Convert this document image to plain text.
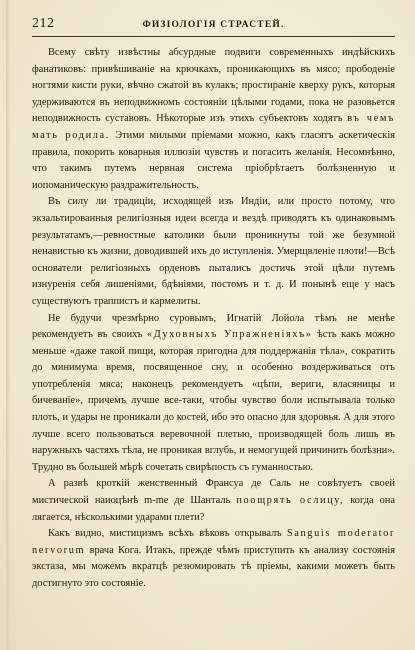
212	ФИЗІОЛОГІЯ СТРАСТЕЙ.

Всему свѣту извѣстны абсурдные подвиги современныхъ индѣйскихъ фанатиковъ: привѣшиванiе на крючкахъ, проникающихъ въ мясо; прободенiе ногтями кисти руки, вѣчно сжатой въ кулакъ; простиранiе кверху рукъ, которыя удерживаются въ неподвижномъ состоянiи цѣлыми годами, пока не разовьется неподвижность суставовъ. Нѣкоторые изъ этихъ субъектовъ ходятъ въ чемъ мать родила. Этими милыми прiемами можно, какъ гласятъ аскетическiя правила, покорить коварныя иллюзiи чувствъ и погасить желанiя. Несомнѣнно, что такимъ путемъ нервная система прiобрѣтаетъ болѣзненную и иопоманическую раздражительность.

Въ силу ли традицiи, исходящей изъ Индiи, или просто потому, что экзальтированныя религiозныя идеи всегда и вездѣ приводятъ къ одинаковымъ результатамъ,—ревностные католики были проникнуты той же безумной ненавистью къ жизни, доводившей ихъ до иступленiя. Умерщвленiе плоти!—Всѣ основатели религiозныхъ орденовъ пытались достичь этой цѣли путемъ изнуренiя себя лишенiями, бдѣнiями, постомъ и т. д. И понынѣ еще у насъ существуютъ траппистъ и кармелиты.

Не будучи чрезмѣрно суровымъ, Игнатiй Лойола тѣмъ не менѣе рекомендуетъ въ своихъ «Духовныхъ Упражненiяхъ» ѣсть какъ можно меньше «даже такой пищи, которая пригодна для поддержанiя тѣла», сократить до минимума время, посвященное сну, и особенно воздерживаться отъ употребленiя мяса; наконецъ рекомендуетъ «цѣпи, вериги, власяницы и бичеванiе», причемъ лучше все-таки, чтобы чувство боли испытывала только плоть, и удары не проникали до костей, ибо это опасно для здоровья. А для этого лучше всего пользоваться веревочной плетью, производящей боль лишь въ наружныхъ частяхъ тѣла, не проникая вглубь, и немогущей причинить болѣзни». Трудно въ большей мѣрѣ сочетать свирѣпость съ гуманностью.

А развѣ кроткiй женственный Франсуа де Саль не совѣтуетъ своей мистической наиоцѣнѣ m-me де Шанталь поощрять ослицу, когда она лягается, нѣсколькими ударами плети?

Какъ видно, мистицизмъ всѣхъ вѣковъ открывалъ Sanguis moderator nervorum врача Кога. Итакъ, прежде чѣмъ приступить къ анализу состоянiя экстаза, мы можемъ вкратцѣ резюмировать тѣ прiемы, какими можетъ быть достигнуто это состоянiе.
